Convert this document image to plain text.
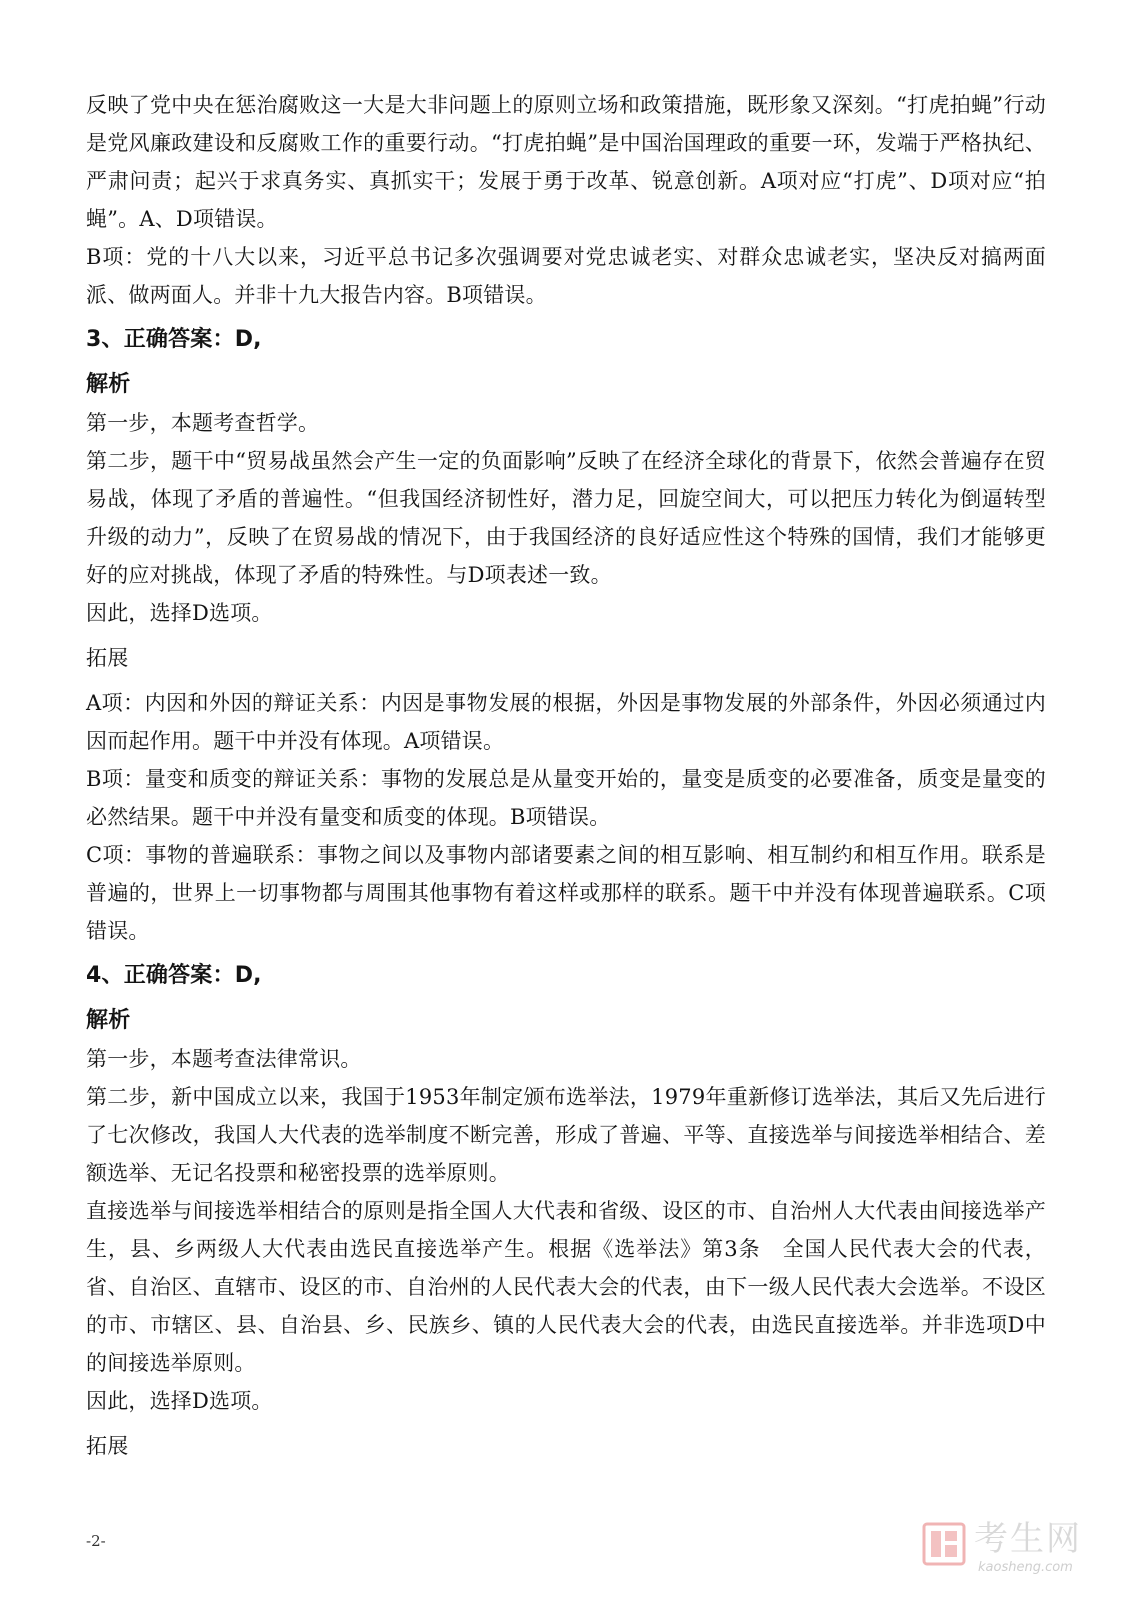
反映了党中央在惩治腐败这一大是大非问题上的原则立场和政策措施，既形象又深刻。“打虎拍蝇”行动是党风廉政建设和反腐败工作的重要行动。“打虎拍蝇”是中国治国理政的重要一环，发端于严格执纪、严肃问责；起兴于求真务实、真抓实干；发展于勇于改革、锐意创新。A项对应“打虎”、D项对应“拍蝇”。A、D项错误。

B项：党的十八大以来，习近平总书记多次强调要对党忠诚老实、对群众忠诚老实，坚决反对搞两面派、做两面人。并非十九大报告内容。B项错误。

3、正确答案：D,

解析

第一步，本题考查哲学。

第二步，题干中“贸易战虽然会产生一定的负面影响”反映了在经济全球化的背景下，依然会普遍存在贸易战，体现了矛盾的普遍性。“但我国经济韧性好，潜力足，回旋空间大，可以把压力转化为倒逼转型升级的动力”，反映了在贸易战的情况下，由于我国经济的良好适应性这个特殊的国情，我们才能够更好的应对挑战，体现了矛盾的特殊性。与D项表述一致。

因此，选择D选项。

拓展

A项：内因和外因的辩证关系：内因是事物发展的根据，外因是事物发展的外部条件，外因必须通过内因而起作用。题干中并没有体现。A项错误。

B项：量变和质变的辩证关系：事物的发展总是从量变开始的，量变是质变的必要准备，质变是量变的必然结果。题干中并没有量变和质变的体现。B项错误。

C项：事物的普遍联系：事物之间以及事物内部诸要素之间的相互影响、相互制约和相互作用。联系是普遍的，世界上一切事物都与周围其他事物有着这样或那样的联系。题干中并没有体现普遍联系。C项错误。

4、正确答案：D,

解析

第一步，本题考查法律常识。

第二步，新中国成立以来，我国于1953年制定颁布选举法，1979年重新修订选举法，其后又先后进行了七次修改，我国人大代表的选举制度不断完善，形成了普遍、平等、直接选举与间接选举相结合、差额选举、无记名投票和秘密投票的选举原则。

直接选举与间接选举相结合的原则是指全国人大代表和省级、设区的市、自治州人大代表由间接选举产生，县、乡两级人大代表由选民直接选举产生。根据《选举法》第3条　全国人民代表大会的代表，省、自治区、直辖市、设区的市、自治州的人民代表大会的代表，由下一级人民代表大会选举。不设区的市、市辖区、县、自治县、乡、民族乡、镇的人民代表大会的代表，由选民直接选举。并非选项D中的间接选举原则。

因此，选择D选项。

拓展

-2-	考生网
kaosheng.com
